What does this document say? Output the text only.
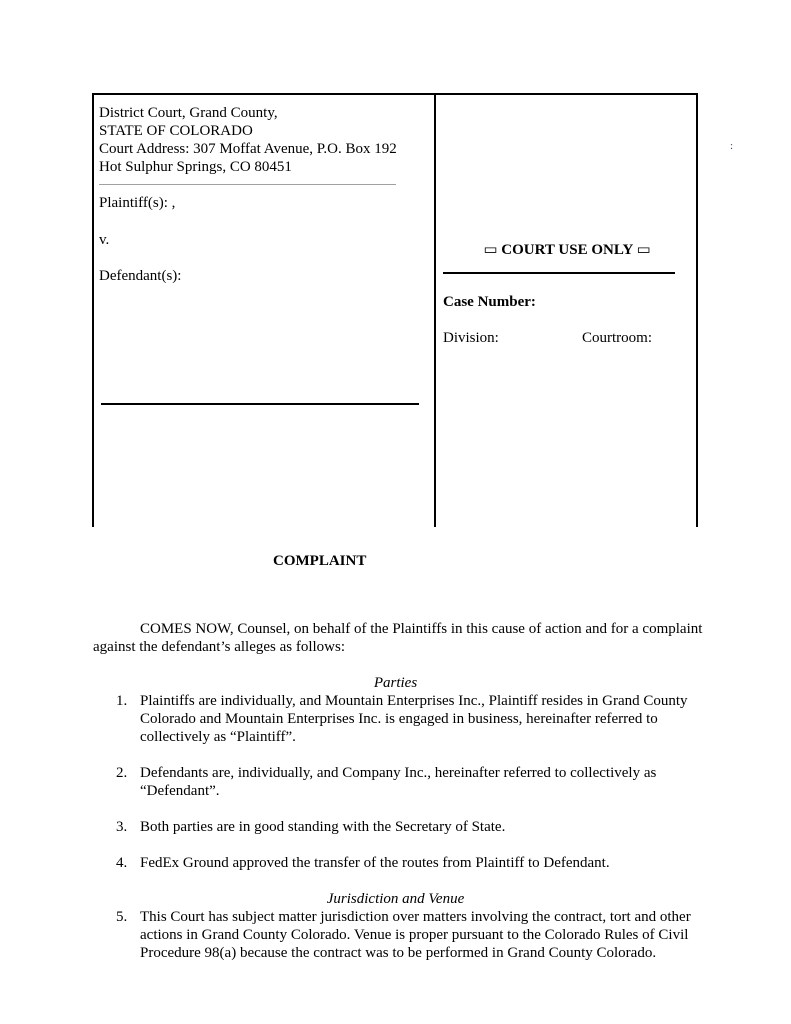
District Court, Grand County,

STATE OF COLORADO

Court Address: 307 Moffat Avenue, P.O. Box 192

Hot Sulphur Springs, CO 80451

Plaintiff(s): ,
v.
Defendant(s):
▭ COURT USE ONLY ▭
Case Number:
Division:	Courtroom:
:
COMPLAINT

COMES NOW, Counsel, on behalf of the Plaintiffs in this cause of action and for a complaint against the defendant’s alleges as follows:

Parties
1. Plaintiffs are individually, and Mountain Enterprises Inc., Plaintiff resides in Grand County Colorado and Mountain Enterprises Inc. is engaged in business, hereinafter referred to collectively as “Plaintiff”.
2. Defendants are, individually, and Company Inc., hereinafter referred to collectively as “Defendant”.
3. Both parties are in good standing with the Secretary of State.
4. FedEx Ground approved the transfer of the routes from Plaintiff to Defendant.
Jurisdiction and Venue
5. This Court has subject matter jurisdiction over matters involving the contract, tort and other actions in Grand County Colorado. Venue is proper pursuant to the Colorado Rules of Civil Procedure 98(a) because the contract was to be performed in Grand County Colorado.
